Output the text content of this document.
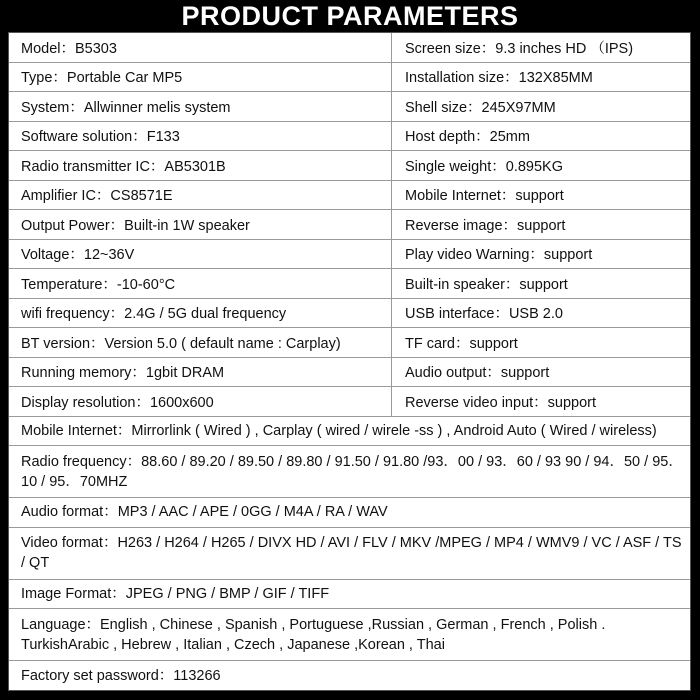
PRODUCT PARAMETERS
Model：B5303	Screen size：9.3 inches HD （IPS)
Type：Portable Car MP5	Installation size：132X85MM
System：Allwinner melis system	Shell size：245X97MM
Software solution：F133	Host depth：25mm
Radio transmitter IC：AB5301B	Single weight：0.895KG
Amplifier IC：CS8571E	Mobile Internet：support
Output Power：Built-in 1W speaker	Reverse image：support
Voltage：12~36V	Play video Warning：support
Temperature：-10-60°C	Built-in speaker：support
wifi frequency：2.4G / 5G dual frequency	USB interface：USB 2.0
BT version：Version 5.0 ( default name : Carplay)	TF card：support
Running memory：1gbit DRAM	Audio output：support
Display resolution：1600x600	Reverse video input：support
Mobile Internet：Mirrorlink ( Wired ) , Carplay ( wired / wirele -ss ) , Android Auto ( Wired / wireless)
Radio frequency：88.60 / 89.20 / 89.50 / 89.80 / 91.50 / 91.80 /93．00 / 93．60 / 93 90 / 94．50 / 95．10 / 95．70MHZ
Audio format：MP3 / AAC / APE / 0GG / M4A / RA / WAV
Video format：H263 / H264 / H265 / DIVX HD / AVI / FLV / MKV /MPEG / MP4 / WMV9 / VC / ASF / TS / QT
Image Format：JPEG / PNG / BMP / GIF / TIFF
Language：English , Chinese , Spanish , Portuguese ,Russian , German , French , Polish . TurkishArabic , Hebrew , Italian , Czech , Japanese ,Korean , Thai
Factory set password：113266
